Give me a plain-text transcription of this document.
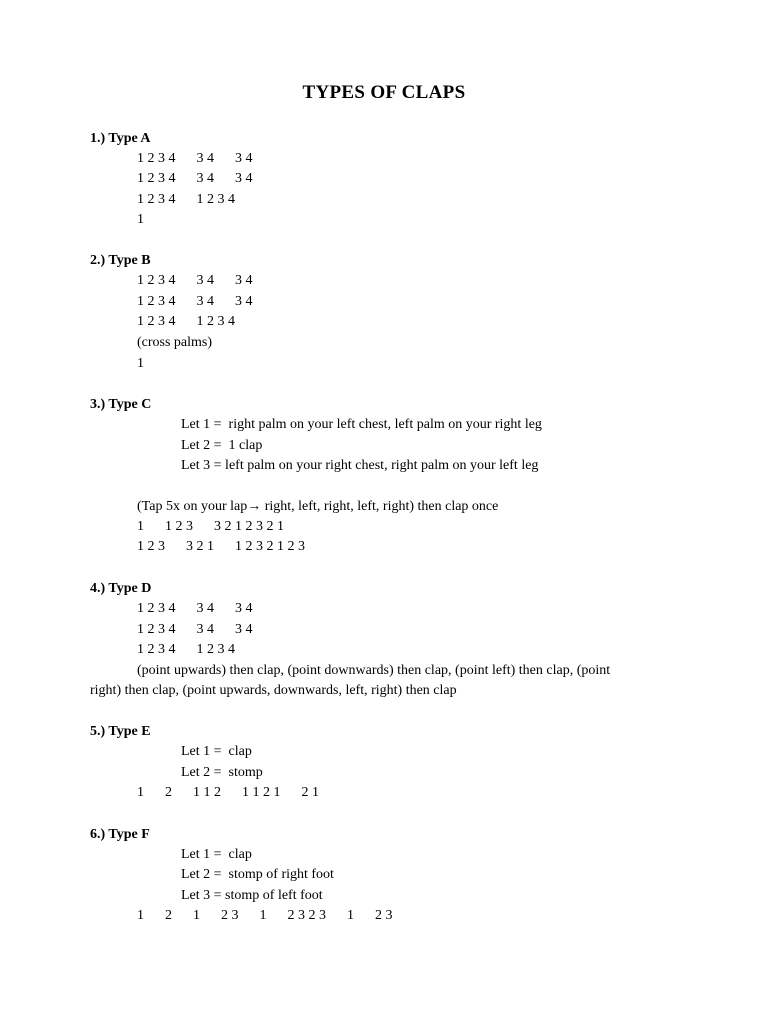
TYPES OF CLAPS
1.) Type A
1 2 3 4      3 4      3 4
1 2 3 4      3 4      3 4
1 2 3 4      1 2 3 4
1
2.) Type B
1 2 3 4      3 4      3 4
1 2 3 4      3 4      3 4
1 2 3 4      1 2 3 4
(cross palms)
1
3.) Type C
Let 1 =  right palm on your left chest, left palm on your right leg
Let 2 =  1 clap
Let 3 = left palm on your right chest, right palm on your left leg
(Tap 5x on your lap→ right, left, right, left, right) then clap once
1      1 2 3      3 2 1 2 3 2 1
1 2 3      3 2 1      1 2 3 2 1 2 3
4.) Type D
1 2 3 4      3 4      3 4
1 2 3 4      3 4      3 4
1 2 3 4      1 2 3 4
(point upwards) then clap, (point downwards) then clap, (point left) then clap, (point
right) then clap, (point upwards, downwards, left, right) then clap
5.) Type E
Let 1 =  clap
Let 2 =  stomp
1      2      1 1 2      1 1 2 1      2 1
6.) Type F
Let 1 =  clap
Let 2 =  stomp of right foot
Let 3 = stomp of left foot
1      2      1      2 3      1      2 3 2 3      1      2 3
